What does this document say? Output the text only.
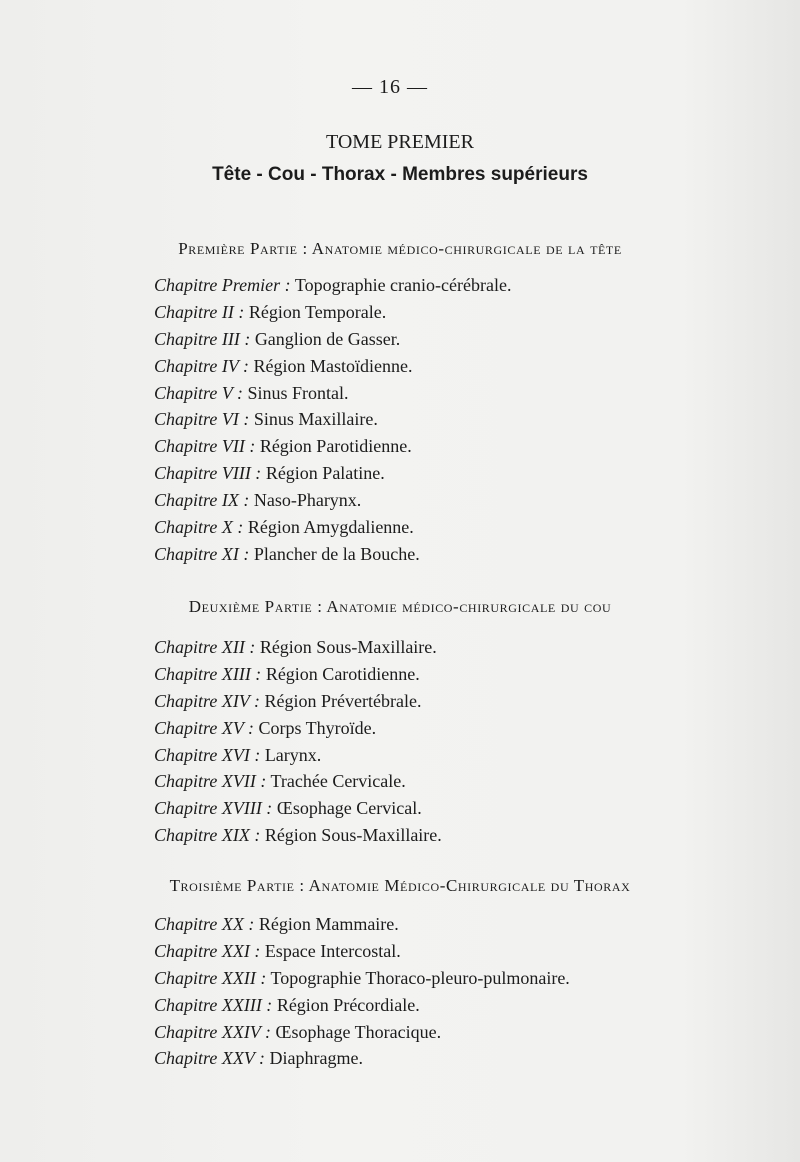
— 16 —
TOME PREMIER
Tête - Cou - Thorax - Membres supérieurs
Première Partie : Anatomie médico-chirurgicale de la tête
Chapitre Premier : Topographie cranio-cérébrale.
Chapitre II : Région Temporale.
Chapitre III : Ganglion de Gasser.
Chapitre IV : Région Mastoïdienne.
Chapitre V : Sinus Frontal.
Chapitre VI : Sinus Maxillaire.
Chapitre VII : Région Parotidienne.
Chapitre VIII : Région Palatine.
Chapitre IX : Naso-Pharynx.
Chapitre X : Région Amygdalienne.
Chapitre XI : Plancher de la Bouche.
Deuxième Partie : Anatomie médico-chirurgicale du cou
Chapitre XII : Région Sous-Maxillaire.
Chapitre XIII : Région Carotidienne.
Chapitre XIV : Région Prévertébrale.
Chapitre XV : Corps Thyroïde.
Chapitre XVI : Larynx.
Chapitre XVII : Trachée Cervicale.
Chapitre XVIII : Œsophage Cervical.
Chapitre XIX : Région Sous-Maxillaire.
Troisième Partie : Anatomie Médico-Chirurgicale du Thorax
Chapitre XX : Région Mammaire.
Chapitre XXI : Espace Intercostal.
Chapitre XXII : Topographie Thoraco-pleuro-pulmonaire.
Chapitre XXIII : Région Précordiale.
Chapitre XXIV : Œsophage Thoracique.
Chapitre XXV : Diaphragme.
